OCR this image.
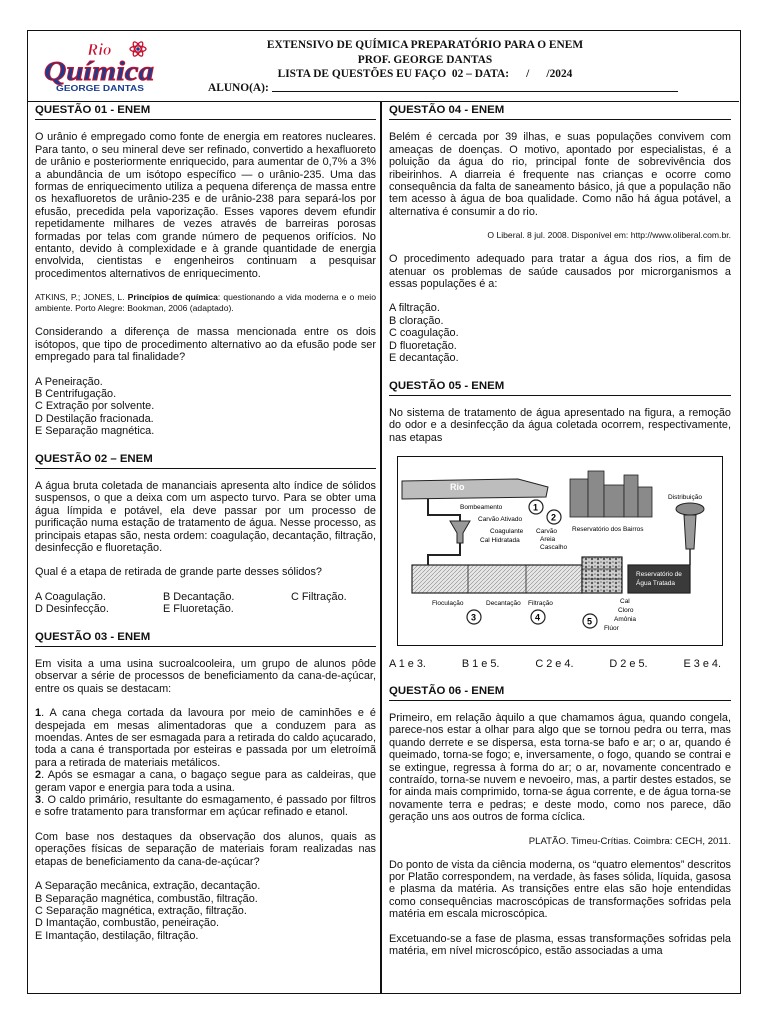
Rio
Química
GEORGE DANTAS
EXTENSIVO DE QUÍMICA PREPARATÓRIO PARA O ENEM
PROF. GEORGE DANTAS
LISTA DE QUESTÕES EU FAÇO  02 – DATA:      /      /2024
ALUNO(A):
QUESTÃO 01 - ENEM

O urânio é empregado como fonte de energia em reatores nucleares. Para tanto, o seu mineral deve ser refinado, convertido a hexafluoreto de urânio e posteriormente enriquecido, para aumentar de 0,7% a 3% a abundância de um isótopo específico — o urânio-235. Uma das formas de enriquecimento utiliza a pequena diferença de massa entre os hexafluoretos de urânio-235 e de urânio-238 para separá-los por efusão, precedida pela vaporização. Esses vapores devem efundir repetidamente milhares de vezes através de barreiras porosas formadas por telas com grande número de pequenos orifícios. No entanto, devido à complexidade e à grande quantidade de energia envolvida, cientistas e engenheiros continuam a pesquisar procedimentos alternativos de enriquecimento.

ATKINS, P.; JONES, L. Princípios de química: questionando a vida moderna e o meio ambiente. Porto Alegre: Bookman, 2006 (adaptado).

Considerando a diferença de massa mencionada entre os dois isótopos, que tipo de procedimento alternativo ao da efusão pode ser empregado para tal finalidade?

A Peneiração.
B Centrifugação.
C Extração por solvente.
D Destilação fracionada.
E Separação magnética.
QUESTÃO 02 – ENEM

A água bruta coletada de mananciais apresenta alto índice de sólidos suspensos, o que a deixa com um aspecto turvo. Para se obter uma água límpida e potável, ela deve passar por um processo de purificação numa estação de tratamento de água. Nesse processo, as principais etapas são, nesta ordem: coagulação, decantação, filtração, desinfecção e fluoretação.

Qual é a etapa de retirada de grande parte desses sólidos?

A Coagulação.	B Decantação.	C Filtração.
D Desinfecção.	E Fluoretação.
QUESTÃO 03 - ENEM

Em visita a uma usina sucroalcooleira, um grupo de alunos pôde observar a série de processos de beneficiamento da cana-de-açúcar, entre os quais se destacam:

1. A cana chega cortada da lavoura por meio de caminhões e é despejada em mesas alimentadoras que a conduzem para as moendas. Antes de ser esmagada para a retirada do caldo açucarado, toda a cana é transportada por esteiras e passada por um eletroímã para a retirada de materiais metálicos.

2. Após se esmagar a cana, o bagaço segue para as caldeiras, que geram vapor e energia para toda a usina.

3. O caldo primário, resultante do esmagamento, é passado por filtros e sofre tratamento para transformar em açúcar refinado e etanol.

Com base nos destaques da observação dos alunos, quais as operações físicas de separação de materiais foram realizadas nas etapas de beneficiamento da cana-de-açúcar?

A Separação mecânica, extração, decantação.
B Separação magnética, combustão, filtração.
C Separação magnética, extração, filtração.
D Imantação, combustão, peneiração.
E Imantação, destilação, filtração.
QUESTÃO 04 - ENEM

Belém é cercada por 39 ilhas, e suas populações convivem com ameaças de doenças. O motivo, apontado por especialistas, é a poluição da água do rio, principal fonte de sobrevivência dos ribeirinhos. A diarreia é frequente nas crianças e ocorre como consequência da falta de saneamento básico, já que a população não tem acesso à água de boa qualidade. Como não há água potável, a alternativa é consumir a do rio.

O Liberal. 8 jul. 2008. Disponível em: http://www.oliberal.com.br.

O procedimento adequado para tratar a água dos rios, a fim de atenuar os problemas de saúde causados por microrganismos a essas populações é a:

A filtração.
B cloração.
C coagulação.
D fluoretação.
E decantação.
QUESTÃO 05 - ENEM

No sistema de tratamento de água apresentado na figura, a remoção do odor e a desinfecção da água coletada ocorrem, respectivamente, nas etapas

Rio
Bombeamento	1
Carvão Ativado	2
Coagulante
Cal Hidratada
Carvão
Areia
Cascalho
Reservatório de
Água Tratada
Cal
Cloro
Amônia
Flúor
Floculação	Decantação Filtração
3	4	5
Reservatório dos Bairros
Distribuição
A 1 e 3.	B 1 e 5.	C 2 e 4.	D 2 e 5.	E 3 e 4.
QUESTÃO 06 - ENEM

Primeiro, em relação àquilo a que chamamos água, quando congela, parece-nos estar a olhar para algo que se tornou pedra ou terra, mas quando derrete e se dispersa, esta torna-se bafo e ar; o ar, quando é queimado, torna-se fogo; e, inversamente, o fogo, quando se contrai e se extingue, regressa à forma do ar; o ar, novamente concentrado e contraído, torna-se nuvem e nevoeiro, mas, a partir destes estados, se for ainda mais comprimido, torna-se água corrente, e de água torna-se novamente terra e pedras; e deste modo, como nos parece, dão geração uns aos outros de forma cíclica.

PLATÃO. Timeu-Crítias. Coimbra: CECH, 2011.

Do ponto de vista da ciência moderna, os “quatro elementos” descritos por Platão correspondem, na verdade, às fases sólida, líquida, gasosa e plasma da matéria. As transições entre elas são hoje entendidas como consequências macroscópicas de transformações sofridas pela matéria em escala microscópica.

Excetuando-se a fase de plasma, essas transformações sofridas pela matéria, em nível microscópico, estão associadas a uma
